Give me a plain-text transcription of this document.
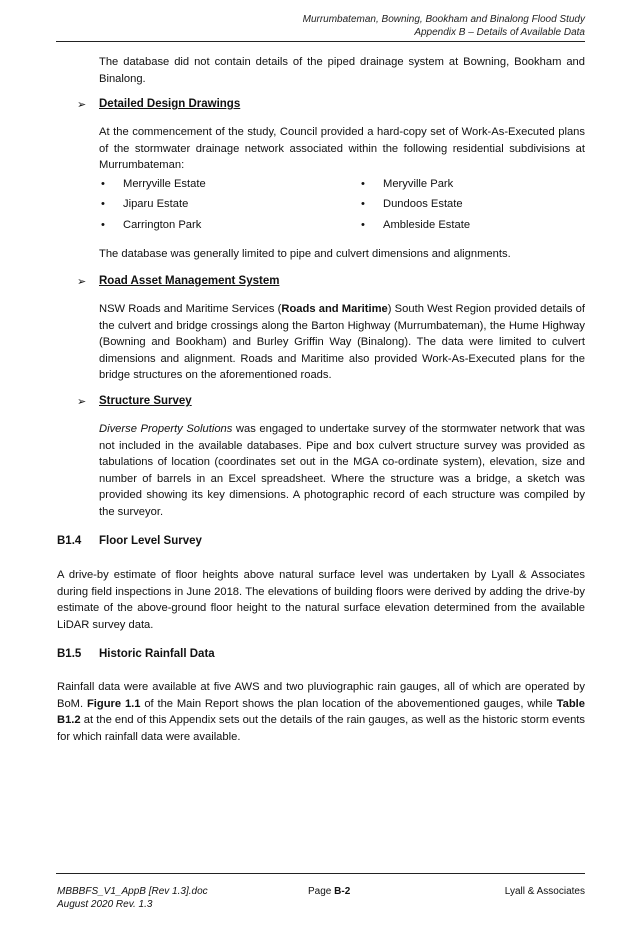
Murrumbateman, Bowning, Bookham and Binalong Flood Study
Appendix B – Details of Available Data
The database did not contain details of the piped drainage system at Bowning, Bookham and Binalong.
➢ Detailed Design Drawings
At the commencement of the study, Council provided a hard-copy set of Work-As-Executed plans of the stormwater drainage network associated within the following residential subdivisions at Murrumbateman:
• Merryville Estate
• Jiparu Estate
• Carrington Park
• Meryville Park
• Dundoos Estate
• Ambleside Estate
The database was generally limited to pipe and culvert dimensions and alignments.
➢ Road Asset Management System
NSW Roads and Maritime Services (Roads and Maritime) South West Region provided details of the culvert and bridge crossings along the Barton Highway (Murrumbateman), the Hume Highway (Bowning and Bookham) and Burley Griffin Way (Binalong). The data were limited to culvert dimensions and alignment. Roads and Maritime also provided Work-As-Executed plans for the bridge structures on the aforementioned roads.
➢ Structure Survey
Diverse Property Solutions was engaged to undertake survey of the stormwater network that was not included in the available databases. Pipe and box culvert structure survey was provided as tabulations of location (coordinates set out in the MGA co-ordinate system), elevation, size and number of barrels in an Excel spreadsheet. Where the structure was a bridge, a sketch was provided showing its key dimensions. A photographic record of each structure was compiled by the surveyor.
B1.4 Floor Level Survey
A drive-by estimate of floor heights above natural surface level was undertaken by Lyall & Associates during field inspections in June 2018. The elevations of building floors were derived by adding the drive-by estimate of the above-ground floor height to the natural surface elevation determined from the available LiDAR survey data.
B1.5 Historic Rainfall Data
Rainfall data were available at five AWS and two pluviographic rain gauges, all of which are operated by BoM. Figure 1.1 of the Main Report shows the plan location of the abovementioned gauges, while Table B1.2 at the end of this Appendix sets out the details of the rain gauges, as well as the historic storm events for which rainfall data were available.
MBBBFS_V1_AppB [Rev 1.3].doc
August 2020 Rev. 1.3
Page B-2	Lyall & Associates
